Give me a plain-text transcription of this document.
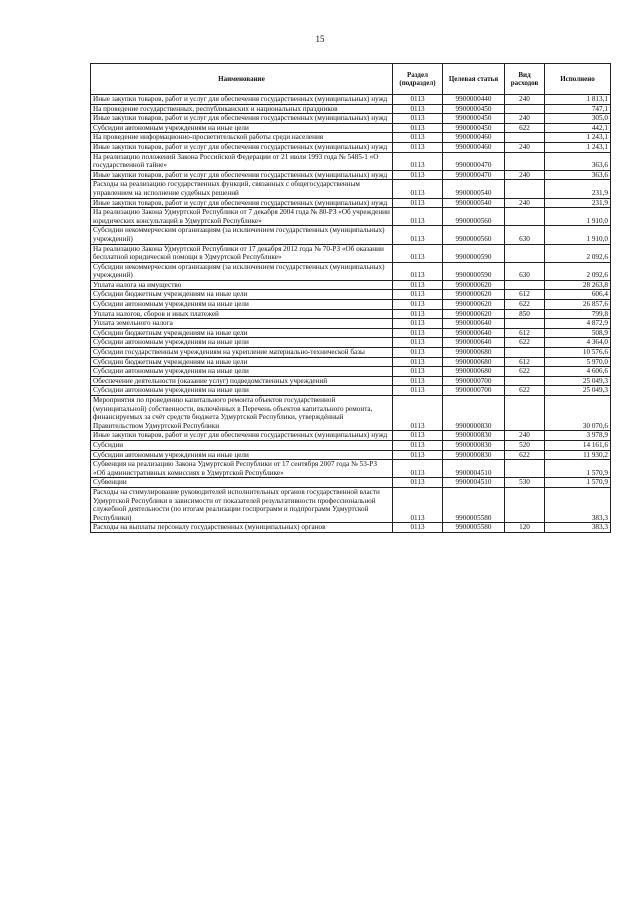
15
Наименование	Раздел (подраздел)	Целевая статья	Вид расходов	Исполнено
Иные закупки товаров, работ и услуг для обеспечения государственных (муниципальных) нужд	0113	9900000440	240	1 813,1
На проведение государственных, республиканских и национальных праздников	0113	9900000450		747,1
Иные закупки товаров, работ и услуг для обеспечения государственных (муниципальных) нужд	0113	9900000450	240	305,0
Субсидии автономным учреждениям на иные цели	0113	9900000450	622	442,1
На проведение информационно-просветительской работы среди населения	0113	9900000460		1 243,1
Иные закупки товаров, работ и услуг для обеспечения государственных (муниципальных) нужд	0113	9900000460	240	1 243,1
На реализацию положений Закона Российской Федерации от 21 июля 1993 года № 5485-1 «О государственной тайне»	0113	9900000470		363,6
Иные закупки товаров, работ и услуг для обеспечения государственных (муниципальных) нужд	0113	9900000470	240	363,6
Расходы на реализацию государственных функций, связанных с общегосударственным управлением на исполнение судебных решений	0113	9900000540		231,9
Иные закупки товаров, работ и услуг для обеспечения государственных (муниципальных) нужд	0113	9900000540	240	231,9
На реализацию Закона Удмуртской Республики от 7 декабря 2004 года № 80-РЗ «Об учреждении юридических консультаций в Удмуртской Республике»	0113	9900000560		1 910,0
Субсидии некоммерческим организациям (за исключением государственных (муниципальных) учреждений)	0113	9900000560	630	1 910,0
На реализацию Закона Удмуртской Республики от 17 декабря 2012 года № 70-РЗ «Об оказании бесплатной юридической помощи в Удмуртской Республике»	0113	9900000590		2 092,6
Субсидии некоммерческим организациям (за исключением государственных (муниципальных) учреждений)	0113	9900000590	630	2 092,6
Уплата налога на имущество	0113	9900000620		28 263,8
Субсидии бюджетным учреждениям на иные цели	0113	9900000620	612	606,4
Субсидии автономным учреждениям на иные цели	0113	9900000620	622	26 857,6
Уплата налогов, сборов и иных платежей	0113	9900000620	850	799,8
Уплата земельного налога	0113	9900000640		4 872,9
Субсидии бюджетным учреждениям на иные цели	0113	9900000640	612	508,9
Субсидии автономным учреждениям на иные цели	0113	9900000640	622	4 364,0
Субсидии государственным учреждениям на укрепление материально-технической базы	0113	9900000680		10 576,6
Субсидии бюджетным учреждениям на иные цели	0113	9900000680	612	5 970,0
Субсидии автономным учреждениям на иные цели	0113	9900000680	622	4 606,6
Обеспечение деятельности (оказание услуг) подведомственных учреждений	0113	9900000700		25 049,3
Субсидии автономным учреждениям на иные цели	0113	9900000700	622	25 049,3
Мероприятия по проведению капитального ремонта объектов государственной (муниципальной) собственности, включённых в Перечень объектов капитального ремонта, финансируемых за счёт средств бюджета Удмуртской Республики, утверждённый Правительством Удмуртской Республики	0113	9900000830		30 070,6
Иные закупки товаров, работ и услуг для обеспечения государственных (муниципальных) нужд	0113	9900000830	240	3 978,9
Субсидии	0113	9900000830	520	14 161,6
Субсидии автономным учреждениям на иные цели	0113	9900000830	622	11 930,2
Субвенция на реализацию Закона Удмуртской Республики от 17 сентября 2007 года № 53-РЗ «Об административных комиссиях в Удмуртской Республике»	0113	9900004510		1 570,9
Субвенции	0113	9900004510	530	1 570,9
Расходы на стимулирование руководителей исполнительных органов государственной власти Удмуртской Республики в зависимости от показателей результативности профессиональной служебной деятельности (по итогам реализации госпрограмм и подпрограмм Удмуртской Республики)	0113	9900005580		383,3
Расходы на выплаты персоналу государственных (муниципальных) органов	0113	9900005580	120	383,3
